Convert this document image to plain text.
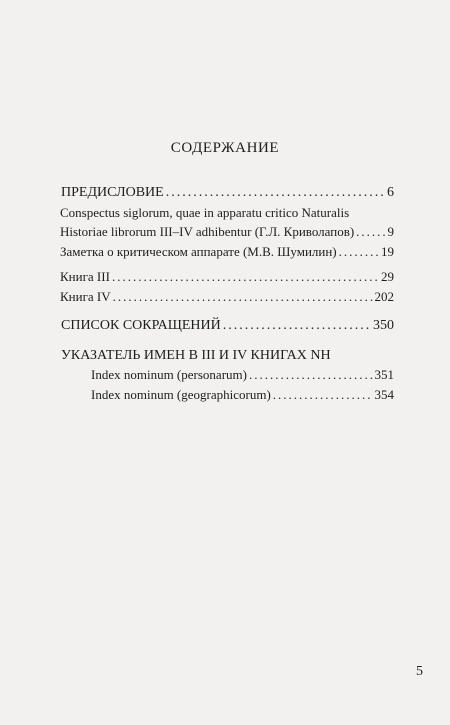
СОДЕРЖАНИЕ
ПРЕДИСЛОВИЕ .....	6
Conspectus siglorum, quae in apparatu critico Naturalis
Historiae librorum III–IV adhibentur (Г.Л. Криволапов) .....	9
Заметка о критическом аппарате (М.В. Шумилин) .....	19
Книга III .....	29
Книга IV .....	202
СПИСОК СОКРАЩЕНИЙ .....	350
УКАЗАТЕЛЬ ИМЕН В III И IV КНИГАХ NH
Index nominum (personarum) .....	351
Index nominum (geographicorum) .....	354
5
